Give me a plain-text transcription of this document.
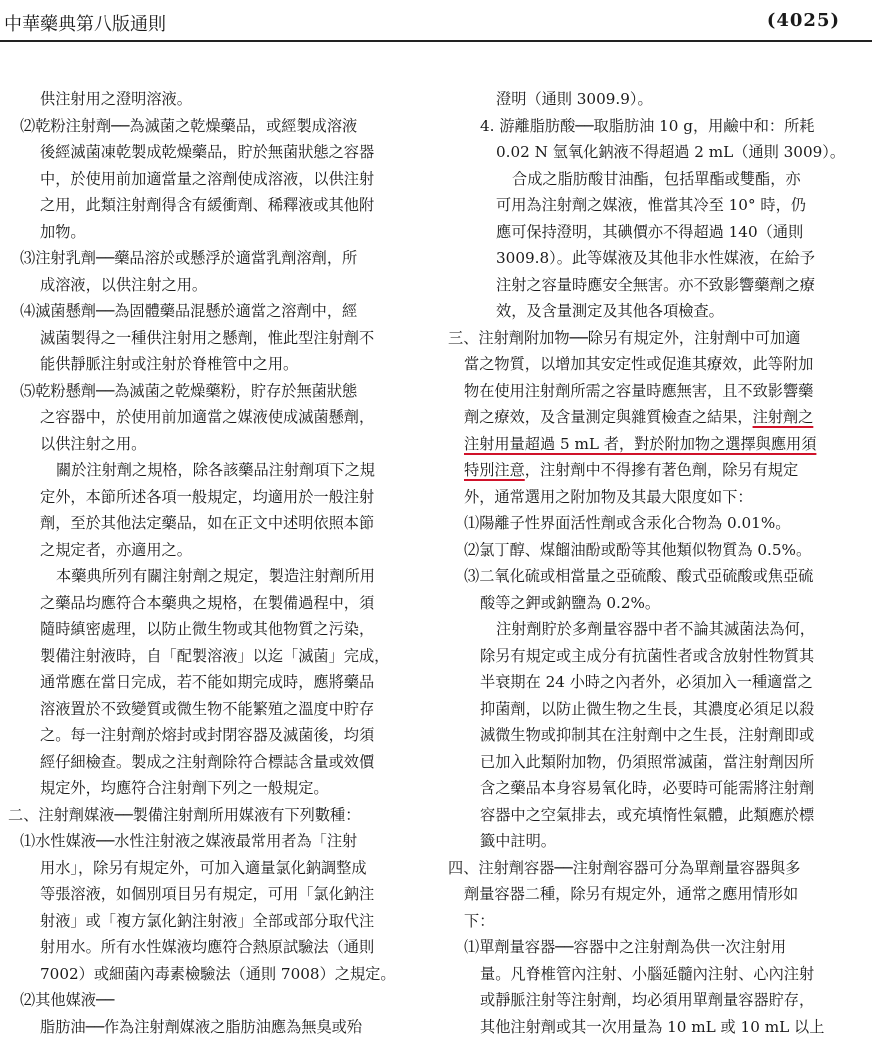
中華藥典第八版通則	(4025)
供注射用之澄明溶液。
⑵乾粉注射劑──為滅菌之乾燥藥品，或經製成溶液
後經滅菌凍乾製成乾燥藥品，貯於無菌狀態之容器
中，於使用前加適當量之溶劑使成溶液，以供注射
之用，此類注射劑得含有緩衝劑、稀釋液或其他附
加物。
⑶注射乳劑──藥品溶於或懸浮於適當乳劑溶劑，所
成溶液，以供注射之用。
⑷滅菌懸劑──為固體藥品混懸於適當之溶劑中，經
滅菌製得之一種供注射用之懸劑，惟此型注射劑不
能供靜脈注射或注射於脊椎管中之用。
⑸乾粉懸劑──為滅菌之乾燥藥粉，貯存於無菌狀態
之容器中，於使用前加適當之媒液使成滅菌懸劑，
以供注射之用。
關於注射劑之規格，除各該藥品注射劑項下之規
定外，本節所述各項一般規定，均適用於一般注射
劑，至於其他法定藥品，如在正文中述明依照本節
之規定者，亦適用之。
本藥典所列有關注射劑之規定，製造注射劑所用
之藥品均應符合本藥典之規格，在製備過程中，須
隨時縝密處理，以防止微生物或其他物質之污染，
製備注射液時，自「配製溶液」以迄「滅菌」完成，
通常應在當日完成，若不能如期完成時，應將藥品
溶液置於不致變質或微生物不能繁殖之溫度中貯存
之。每一注射劑於熔封或封閉容器及滅菌後，均須
經仔細檢查。製成之注射劑除符合標誌含量或效價
規定外，均應符合注射劑下列之一般規定。
二、注射劑媒液──製備注射劑所用媒液有下列數種：
⑴水性媒液──水性注射液之媒液最常用者為「注射
用水」，除另有規定外，可加入適量氯化鈉調整成
等張溶液，如個別項目另有規定，可用「氯化鈉注
射液」或「複方氯化鈉注射液」全部或部分取代注
射用水。所有水性媒液均應符合熱原試驗法（通則
7002）或細菌內毒素檢驗法（通則 7008）之規定。
⑵其他媒液──
脂肪油──作為注射劑媒液之脂肪油應為無臭或殆
澄明（通則 3009.9）。
4. 游離脂肪酸──取脂肪油 10 g，用鹼中和：所耗
0.02 N 氫氧化鈉液不得超過 2 mL（通則 3009）。
合成之脂肪酸甘油酯，包括單酯或雙酯，亦
可用為注射劑之媒液，惟當其冷至 10° 時，仍
應可保持澄明，其碘價亦不得超過 140（通則
3009.8）。此等媒液及其他非水性媒液，在給予
注射之容量時應安全無害。亦不致影響藥劑之療
效，及含量測定及其他各項檢查。
三、注射劑附加物──除另有規定外，注射劑中可加適
當之物質，以增加其安定性或促進其療效，此等附加
物在使用注射劑所需之容量時應無害，且不致影響藥
劑之療效，及含量測定與雜質檢查之結果，注射劑之
注射用量超過 5 mL 者，對於附加物之選擇與應用須
特別注意，注射劑中不得摻有著色劑，除另有規定
外，通常選用之附加物及其最大限度如下：
⑴陽離子性界面活性劑或含汞化合物為 0.01%。
⑵氯丁醇、煤餾油酚或酚等其他類似物質為 0.5%。
⑶二氧化硫或相當量之亞硫酸、酸式亞硫酸或焦亞硫
酸等之鉀或鈉鹽為 0.2%。
注射劑貯於多劑量容器中者不論其滅菌法為何，
除另有規定或主成分有抗菌性者或含放射性物質其
半衰期在 24 小時之內者外，必須加入一種適當之
抑菌劑，以防止微生物之生長，其濃度必須足以殺
滅微生物或抑制其在注射劑中之生長，注射劑即或
已加入此類附加物，仍須照常滅菌，當注射劑因所
含之藥品本身容易氧化時，必要時可能需將注射劑
容器中之空氣排去，或充填惰性氣體，此類應於標
籤中註明。
四、注射劑容器──注射劑容器可分為單劑量容器與多
劑量容器二種，除另有規定外，通常之應用情形如
下：
⑴單劑量容器──容器中之注射劑為供一次注射用
量。凡脊椎管內注射、小腦延髓內注射、心內注射
或靜脈注射等注射劑，均必須用單劑量容器貯存，
其他注射劑或其一次用量為 10 mL 或 10 mL 以上
